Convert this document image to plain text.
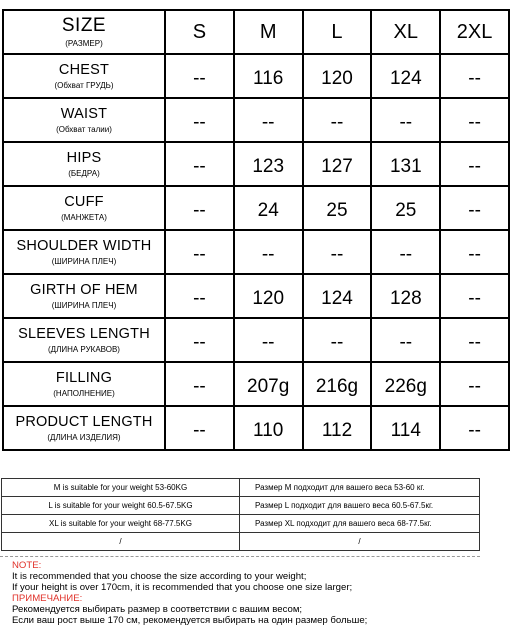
SIZE
(РАЗМЕР)	S	M	L	XL	2XL

CHEST
(Обхват ГРУДЬ)	--	116	120	124	--

WAIST
(Обхват талии)	--	--	--	--	--

HIPS
(БЕДРА)	--	123	127	131	--

CUFF
(МАНЖЕТА)	--	24	25	25	--

SHOULDER WIDTH
(ШИРИНА ПЛЕЧ)	--	--	--	--	--

GIRTH OF HEM
(ШИРИНА ПЛЕЧ)	--	120	124	128	--

SLEEVES LENGTH
(ДЛИНА РУКАВОВ)	--	--	--	--	--

FILLING
(НАПОЛНЕНИЕ)	--	207g	216g	226g	--

PRODUCT LENGTH
(ДЛИНА ИЗДЕЛИЯ)	--	110	112	114	--
M is suitable for your weight 53-60KG	Размер M подходит для вашего веса 53-60 кг.
L is suitable for your weight 60.5-67.5KG	Размер L подходит для вашего веса 60.5-67.5кг.
XL is suitable for your weight 68-77.5KG	Размер XL подходит для вашего веса 68-77.5кг.
/	/
NOTE:
It is recommended that you choose the size according to your weight;
If your height is over 170cm, it is recommended that you choose one size larger;
ПРИМЕЧАНИЕ:
Рекомендуется выбирать размер в соответствии с вашим весом;
Если ваш рост выше 170 см, рекомендуется выбирать на один размер больше;
